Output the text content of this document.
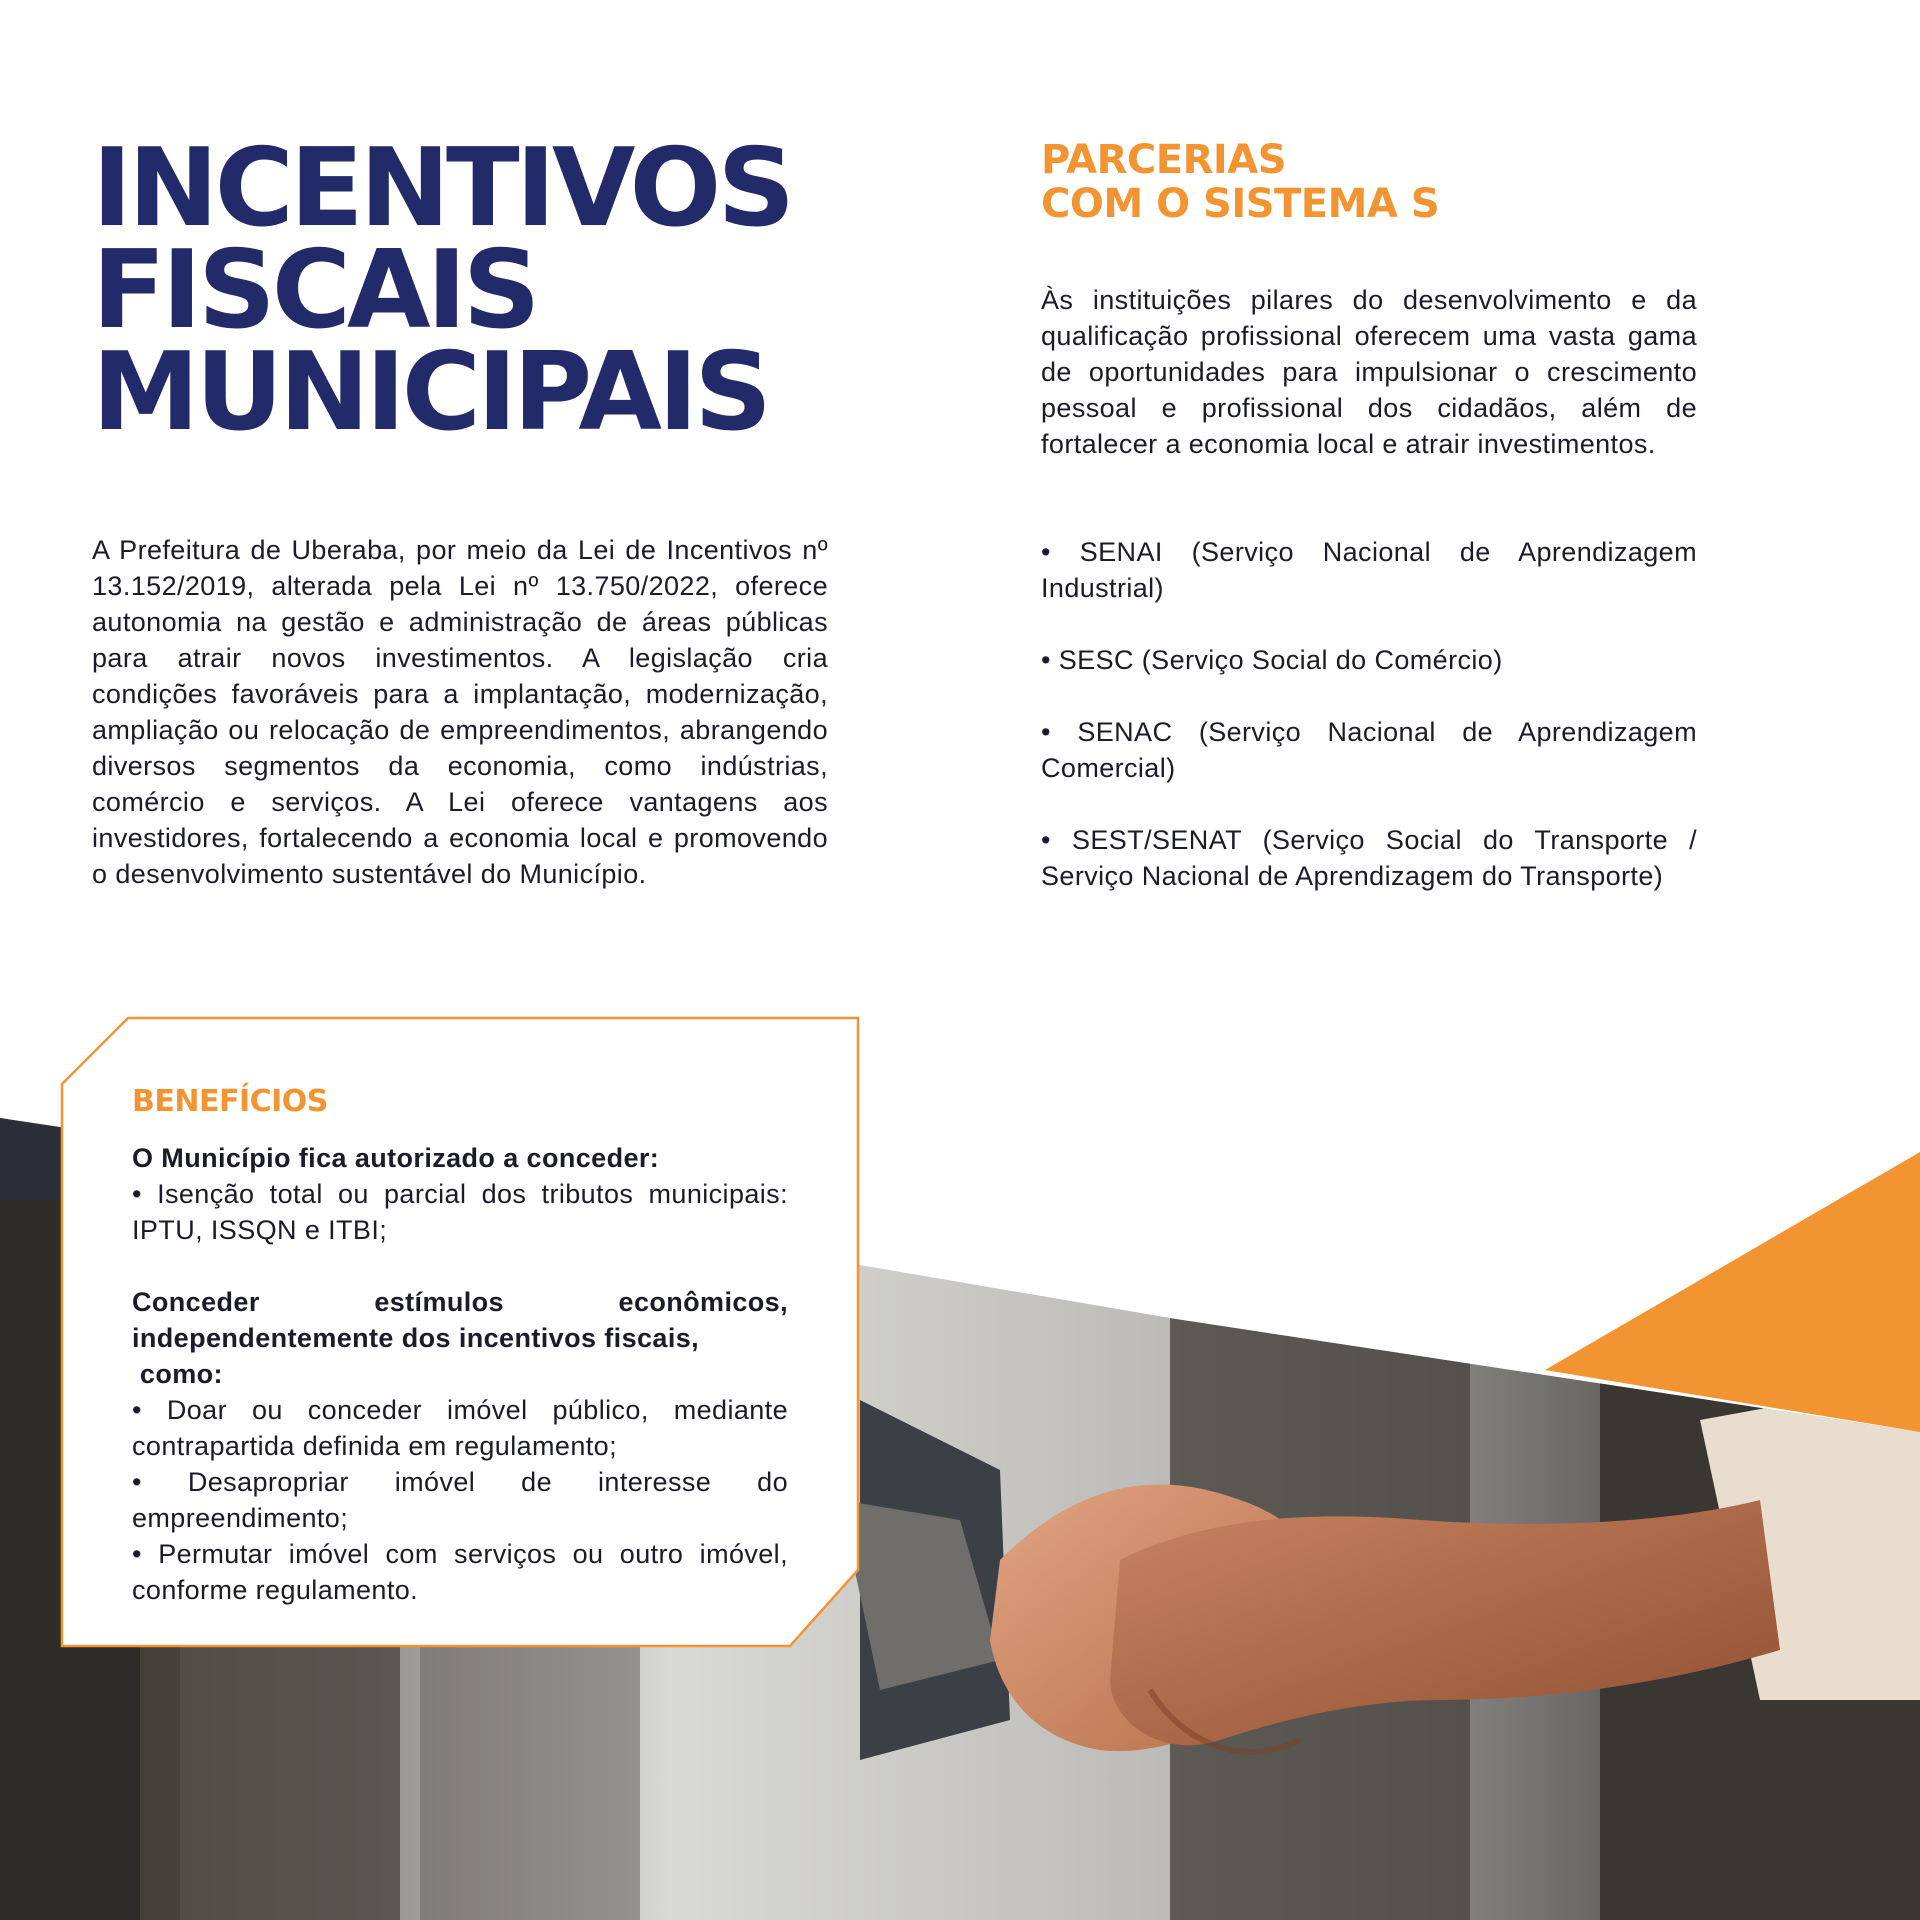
INCENTIVOS
FISCAIS
MUNICIPAIS

A Prefeitura de Uberaba, por meio da Lei de Incentivos nº 13.152/2019, alterada pela Lei nº 13.750/2022, oferece autonomia na gestão e administração de áreas públicas para atrair novos investimentos. A legislação cria condições favoráveis para a implantação, modernização, ampliação ou relocação de empreendimentos, abrangendo diversos segmentos da economia, como indústrias, comércio e serviços. A Lei oferece vantagens aos investidores, fortalecendo a economia local e promovendo o desenvolvimento sustentável do Município.

PARCERIAS
COM O SISTEMA S

Às instituições pilares do desenvolvimento e da qualificação profissional oferecem uma vasta gama de oportunidades para impulsionar o crescimento pessoal e profissional dos cidadãos, além de fortalecer a economia local e atrair investimentos.

• SENAI (Serviço Nacional de Aprendizagem Industrial)
• SESC (Serviço Social do Comércio)
• SENAC (Serviço Nacional de Aprendizagem Comercial)
• SEST/SENAT (Serviço Social do Transporte / Serviço Nacional de Aprendizagem do Transporte)
BENEFÍCIOS

O Município fica autorizado a conceder:

• Isenção total ou parcial dos tributos municipais: IPTU, ISSQN e ITBI;

Conceder estímulos econômicos, independentemente dos incentivos fiscais,

como:

• Doar ou conceder imóvel público, mediante contrapartida definida em regulamento;

• Desapropriar imóvel de interesse do empreendimento;

• Permutar imóvel com serviços ou outro imóvel, conforme regulamento.
